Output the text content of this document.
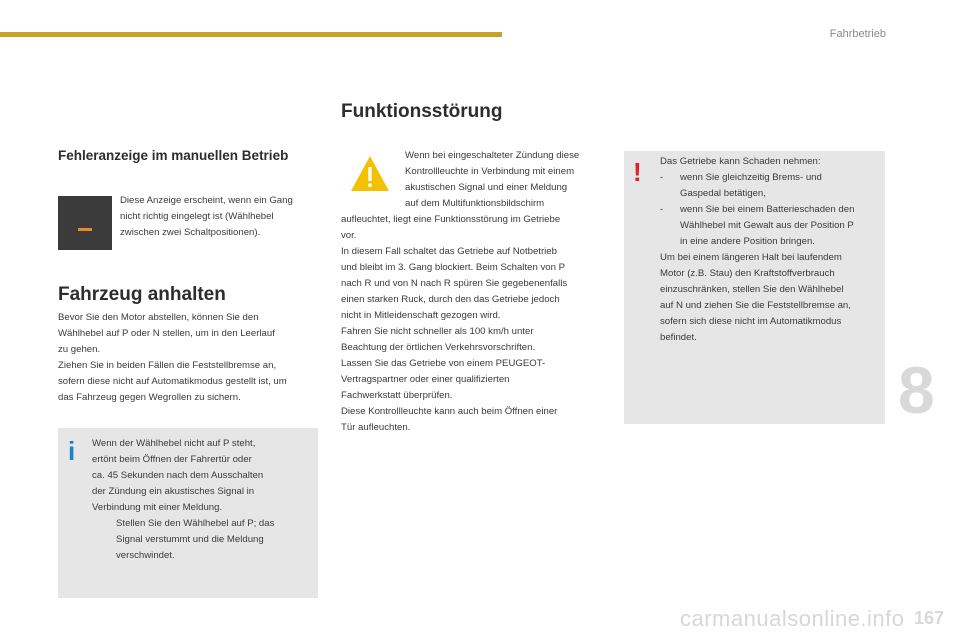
Fahrbetrieb
Fehleranzeige im manuellen Betrieb

Diese Anzeige erscheint, wenn ein Gang

nicht richtig eingelegt ist (Wählhebel

zwischen zwei Schaltpositionen).

Fahrzeug anhalten

Bevor Sie den Motor abstellen, können Sie den

Wählhebel auf P oder N stellen, um in den Leerlauf

zu gehen.

Ziehen Sie in beiden Fällen die Feststellbremse an,

sofern diese nicht auf Automatikmodus gestellt ist, um

das Fahrzeug gegen Wegrollen zu sichern.

i Wenn der Wählhebel nicht auf P steht,

ertönt beim Öffnen der Fahrertür oder

ca. 45 Sekunden nach dem Ausschalten

der Zündung ein akustisches Signal in

Verbindung mit einer Meldung.

Stellen Sie den Wählhebel auf P; das

Signal verstummt und die Meldung

verschwindet.

Funktionsstörung

Wenn bei eingeschalteter Zündung diese

Kontrollleuchte in Verbindung mit einem

akustischen Signal und einer Meldung

auf dem Multifunktionsbildschirm

aufleuchtet, liegt eine Funktionsstörung im Getriebe

vor.

In diesem Fall schaltet das Getriebe auf Notbetrieb

und bleibt im 3. Gang blockiert. Beim Schalten von P

nach R und von N nach R spüren Sie gegebenenfalls

einen starken Ruck, durch den das Getriebe jedoch

nicht in Mitleidenschaft gezogen wird.

Fahren Sie nicht schneller als 100 km/h unter

Beachtung der örtlichen Verkehrsvorschriften.

Lassen Sie das Getriebe von einem PEUGEOT-

Vertragspartner oder einer qualifizierten

Fachwerkstatt überprüfen.

Diese Kontrollleuchte kann auch beim Öffnen einer

Tür aufleuchten.

! Das Getriebe kann Schaden nehmen:

- wenn Sie gleichzeitig Brems- und

Gaspedal betätigen,

- wenn Sie bei einem Batterieschaden den

Wählhebel mit Gewalt aus der Position P

in eine andere Position bringen.

Um bei einem längeren Halt bei laufendem

Motor (z.B. Stau) den Kraftstoffverbrauch

einzuschränken, stellen Sie den Wählhebel

auf N und ziehen Sie die Feststellbremse an,

sofern sich diese nicht im Automatikmodus

befindet.

8
carmanualsonline.info 167
